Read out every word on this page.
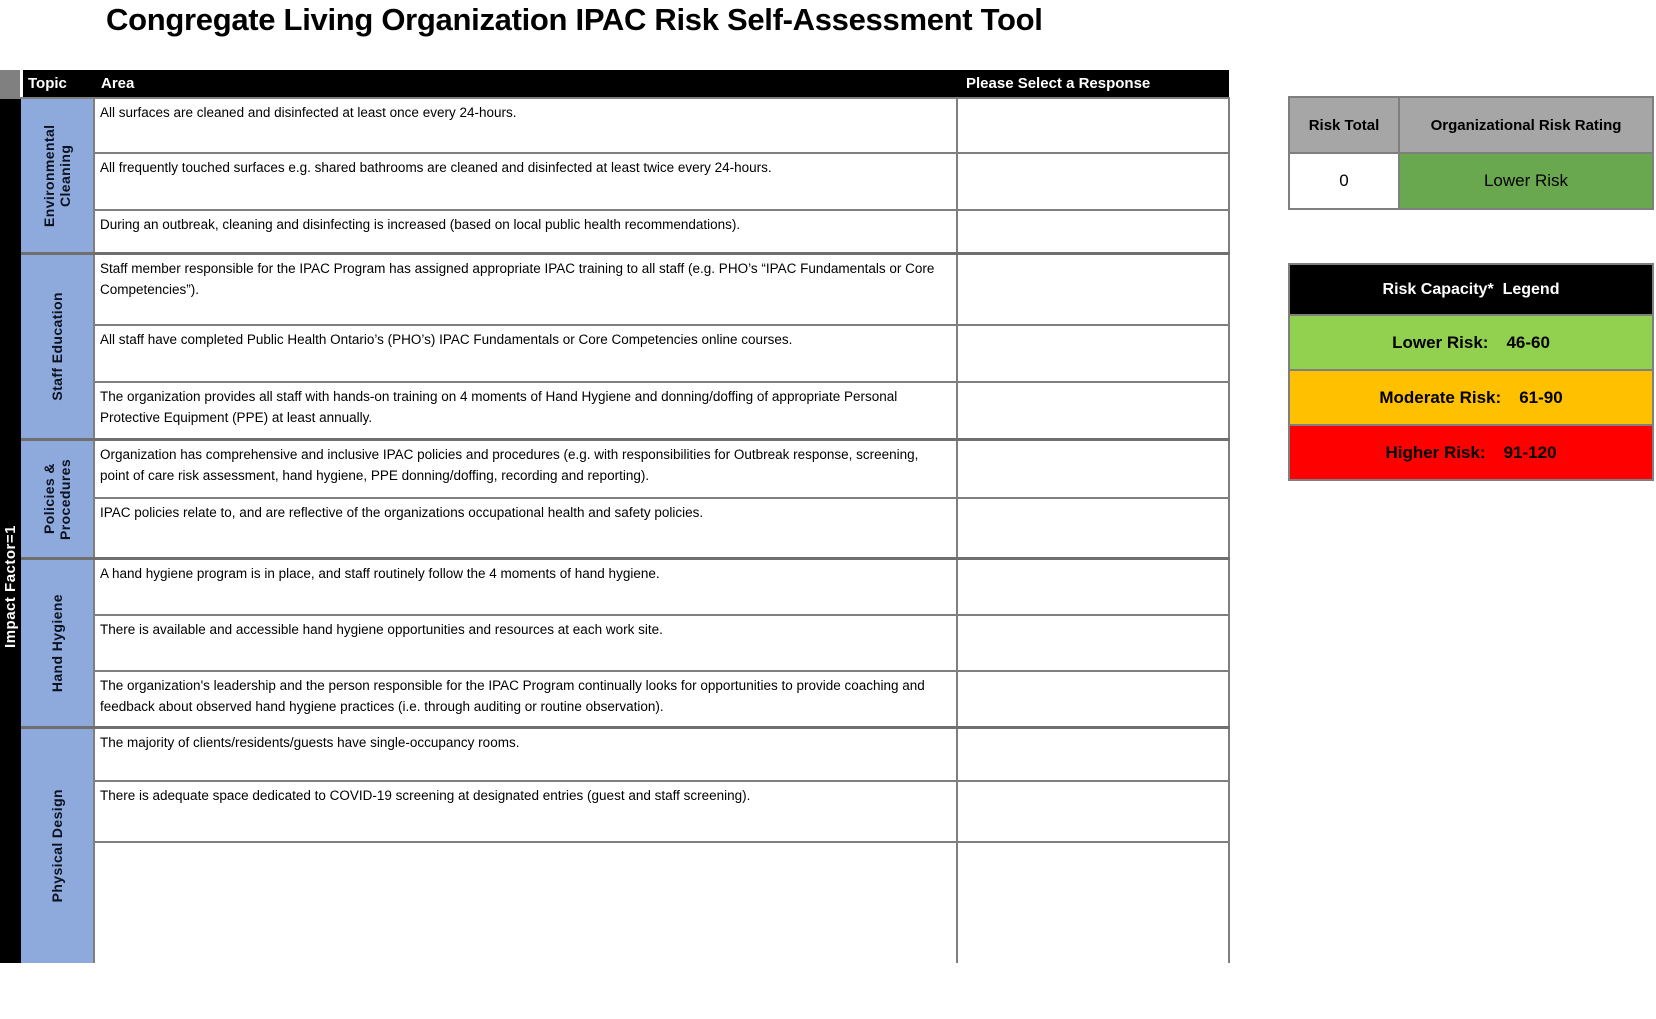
Congregate Living Organization IPAC Risk Self-Assessment Tool
Topic	Area	Please Select a Response
Impact Factor=1
Environmental Cleaning
All surfaces are cleaned and disinfected at least once every 24-hours.
All frequently touched surfaces e.g. shared bathrooms are cleaned and disinfected at least twice every 24-hours.
During an outbreak, cleaning and disinfecting is increased (based on local public health recommendations).
Staff Education
Staff member responsible for the IPAC Program has assigned appropriate IPAC training to all staff (e.g. PHO’s “IPAC Fundamentals or Core Competencies”).
All staff have completed Public Health Ontario’s (PHO’s) IPAC Fundamentals or Core Competencies online courses.
The organization provides all staff with hands-on training on 4 moments of Hand Hygiene and donning/doffing of appropriate Personal Protective Equipment (PPE) at least annually.
Policies & Procedures
Organization has comprehensive and inclusive IPAC policies and procedures (e.g. with responsibilities for Outbreak response, screening, point of care risk assessment, hand hygiene, PPE donning/doffing, recording and reporting).
IPAC policies relate to, and are reflective of the organizations occupational health and safety policies.
Hand Hygiene
A hand hygiene program is in place, and staff routinely follow the 4 moments of hand hygiene.
There is available and accessible hand hygiene opportunities and resources at each work site.
The organization's leadership and the person responsible for the IPAC Program continually looks for opportunities to provide coaching and feedback about observed hand hygiene practices (i.e. through auditing or routine observation).
Physical Design
The majority of clients/residents/guests have single-occupancy rooms.
There is adequate space dedicated to COVID-19 screening at designated entries (guest and staff screening).
Risk Total	Organizational Risk Rating
0	Lower Risk
Risk Capacity*  Legend
Lower Risk: 46-60
Moderate Risk: 61-90
Higher Risk: 91-120
